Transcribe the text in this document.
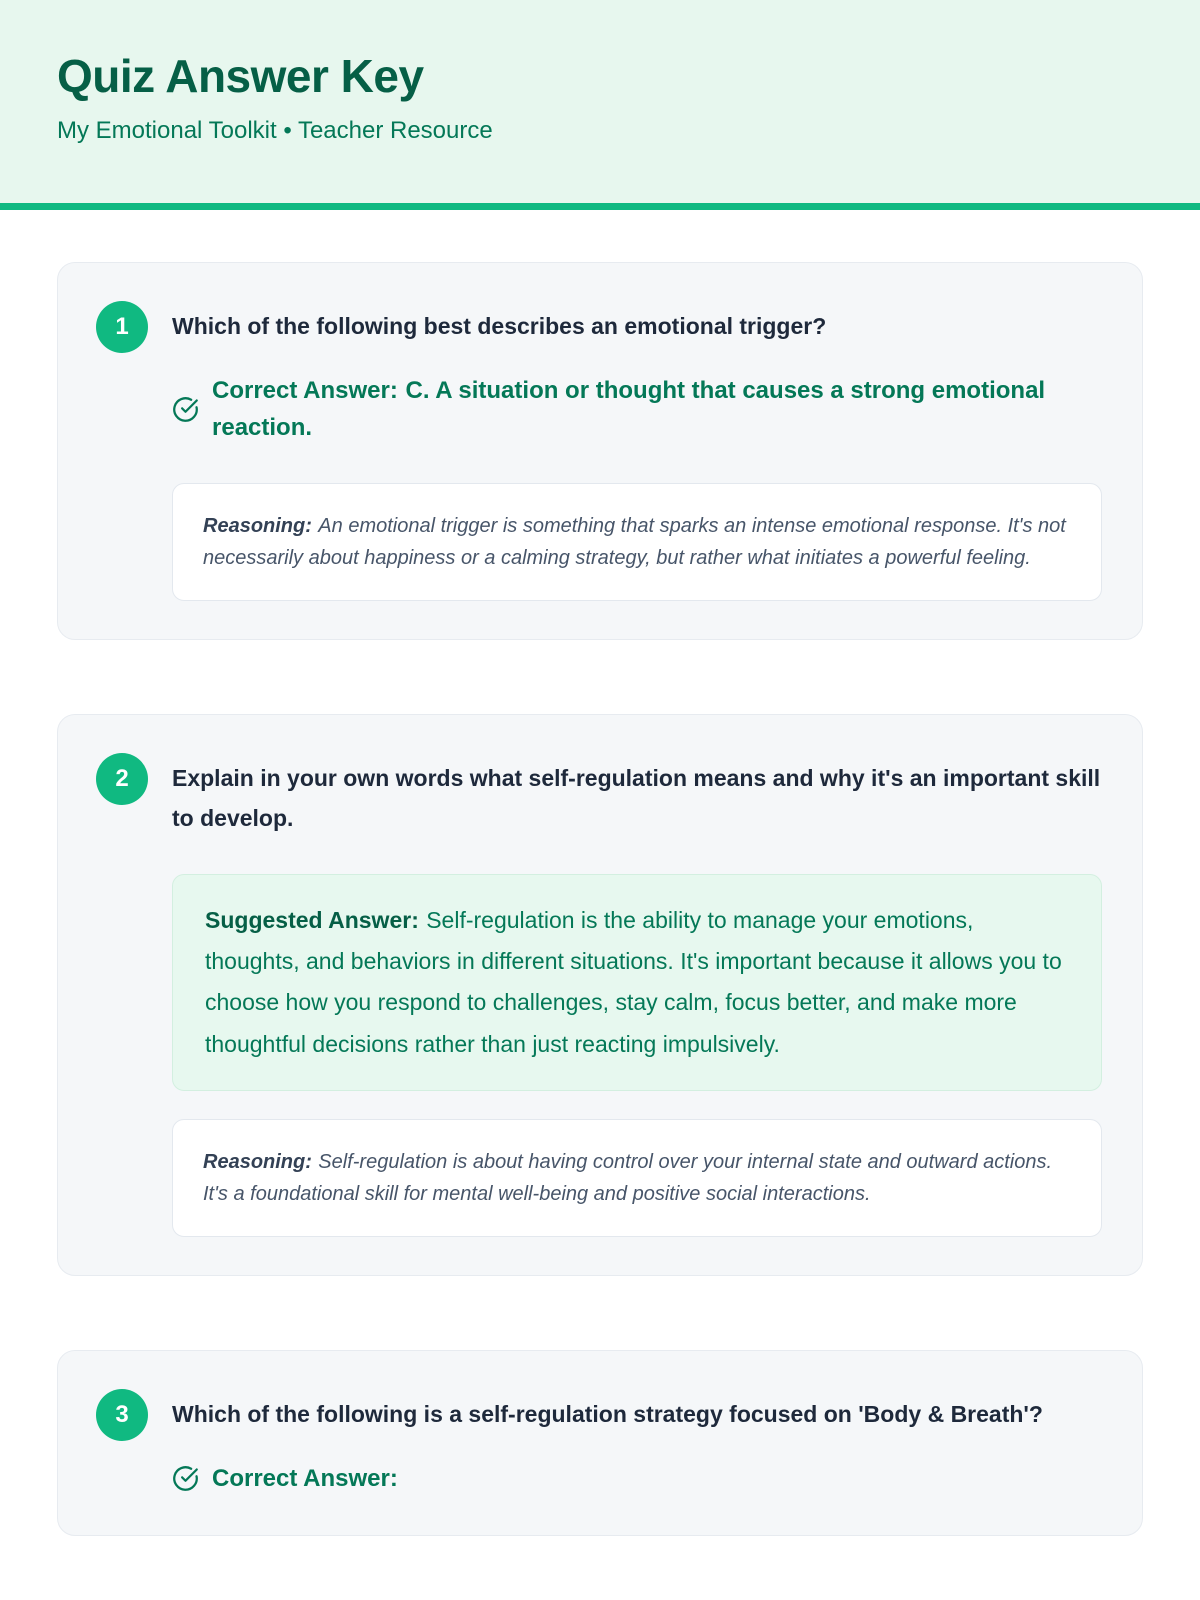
Quiz Answer Key
My Emotional Toolkit • Teacher Resource
1 Which of the following best describes an emotional trigger?
Correct Answer: C. A situation or thought that causes a strong emotional reaction.
Reasoning: An emotional trigger is something that sparks an intense emotional response. It's not necessarily about happiness or a calming strategy, but rather what initiates a powerful feeling.
2 Explain in your own words what self-regulation means and why it's an important skill to develop.
Suggested Answer: Self-regulation is the ability to manage your emotions, thoughts, and behaviors in different situations. It's important because it allows you to choose how you respond to challenges, stay calm, focus better, and make more thoughtful decisions rather than just reacting impulsively.
Reasoning: Self-regulation is about having control over your internal state and outward actions. It's a foundational skill for mental well-being and positive social interactions.
3 Which of the following is a self-regulation strategy focused on 'Body & Breath'?
Correct Answer:
